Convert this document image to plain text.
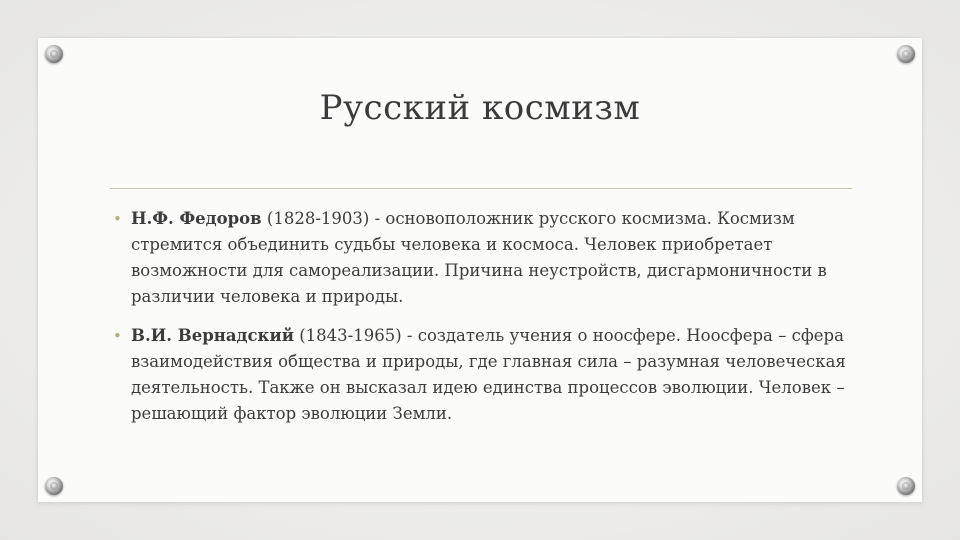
Русский космизм
• Н.Ф. Федоров (1828-1903) - основоположник русского космизма. Космизм стремится объединить судьбы человека и космоса. Человек приобретает возможности для самореализации. Причина неустройств, дисгармоничности в различии человека и природы.
• В.И. Вернадский (1843-1965) - создатель учения о ноосфере. Ноосфера – сфера взаимодействия общества и природы, где главная сила – разумная человеческая деятельность. Также он высказал идею единства процессов эволюции. Человек – решающий фактор эволюции Земли.
